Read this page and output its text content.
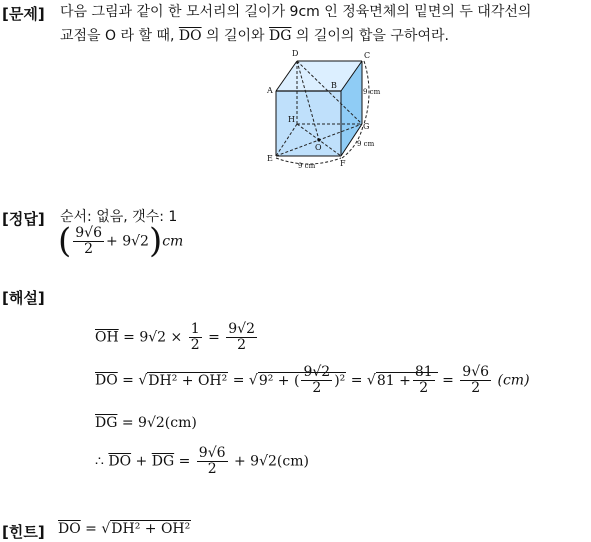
[문제] 다음 그림과 같이 한 모서리의 길이가 9cm 인 정육면체의 밑면의 두 대각선의
교점을 O 라 할 때, $\overline{DO}$ 의 길이와 $\overline{DG}$ 의 길이의 합을 구하여라.
D	C
A
B
H
G
O
E
F
9 cm
9 cm
9 cm
[정답] 순서: 없음, 갯수: 1
( $\frac{9√6}{2} + 9√2)cm$
[해설]
$\overline{OH} = 9√2 \times \frac{1}{2} = \frac{9√2}{2}$
$\overline{DO} = √DH^2 + OH^2 = √9^2$ + ( $\frac{9√2}{2} )^2 = √81 + \frac{81}{2} = \frac{9√6}{2} (cm)$
$\overline{DG} = 9√2(cm)$
∴ $\overline{DO} + \overline{DG} = \frac{9√6}{2} + 9√2(cm)$
[힌트] $\overline{DO} = √DH^2 + OH^2$
